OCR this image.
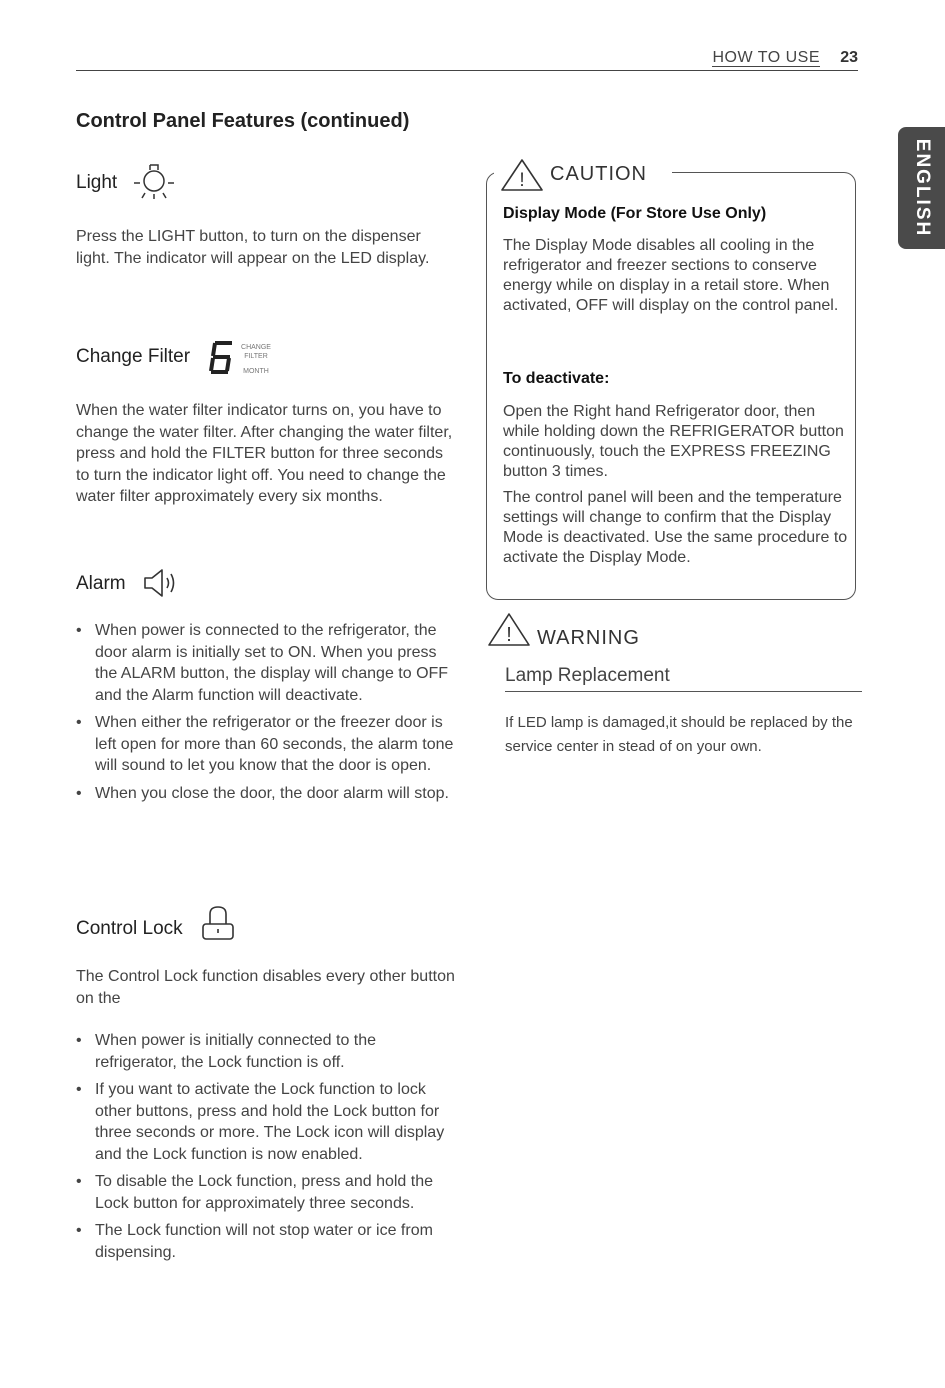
HOW TO USE 23
ENGLISH
Control Panel Features (continued)
Light
Press the LIGHT button, to turn on the dispenser light. The indicator will appear on the LED display.
Change Filter	CHANGE
FILTER
MONTH
When the water filter indicator turns on, you have to change the water filter. After changing the water filter, press and hold the FILTER button for three seconds to turn the indicator light off. You need to change the water filter approximately every six months.
Alarm
• When power is connected to the refrigerator, the door alarm is initially set to ON. When you press the ALARM button, the display will change to OFF and the Alarm function will deactivate.
• When either the refrigerator or the freezer door is left open for more than 60 seconds, the alarm tone will sound to let you know that the door is open.
• When you close the door, the door alarm will stop.
Control Lock
The Control Lock function disables every other button on the
• When power is initially connected to the refrigerator, the Lock function is off.
• If you want to activate the Lock function to lock other buttons, press and hold the Lock button for three seconds or more. The Lock icon will display and the Lock function is now enabled.
• To disable the Lock function, press and hold the Lock button for approximately three seconds.
• The Lock function will not stop water or ice from dispensing.
! CAUTION
Display Mode (For Store Use Only)
The Display Mode disables all cooling in the refrigerator and freezer sections to conserve energy while on display in a retail store. When activated, OFF will display on the control panel.
To deactivate:
Open the Right hand Refrigerator door, then while holding down the REFRIGERATOR button continuously, touch the EXPRESS FREEZING button 3 times.
The control panel will been and the temperature settings will change to confirm that the Display Mode is deactivated. Use the same procedure to activate the Display Mode.
! WARNING
Lamp Replacement
If LED lamp is damaged,it should be replaced by the service center in stead of on your own.
